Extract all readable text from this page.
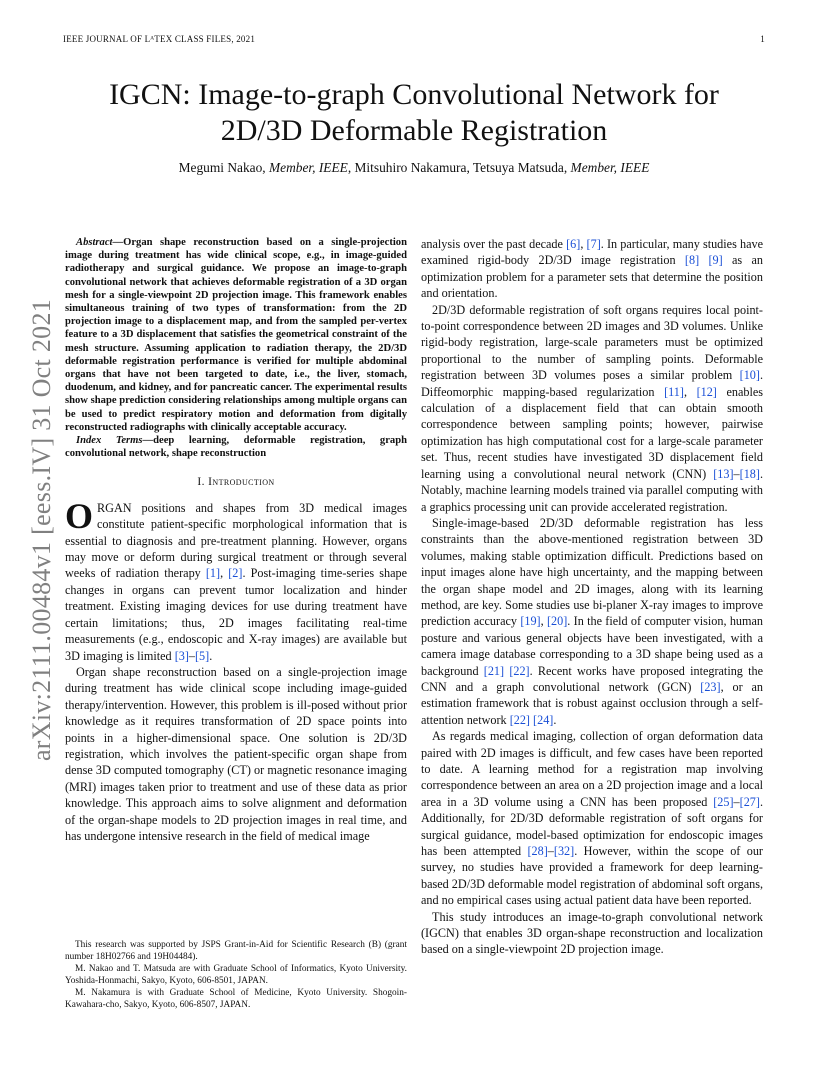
IEEE JOURNAL OF LᴬTEX CLASS FILES, 2021	1
arXiv:2111.00484v1 [eess.IV] 31 Oct 2021
IGCN: Image-to-graph Convolutional Network for
2D/3D Deformable Registration
Megumi Nakao, Member, IEEE, Mitsuhiro Nakamura, Tetsuya Matsuda, Member, IEEE

Abstract—Organ shape reconstruction based on a single-projection image during treatment has wide clinical scope, e.g., in image-guided radiotherapy and surgical guidance. We propose an image-to-graph convolutional network that achieves deformable registration of a 3D organ mesh for a single-viewpoint 2D projection image. This framework enables simultaneous training of two types of transformation: from the 2D projection image to a displacement map, and from the sampled per-vertex feature to a 3D displacement that satisfies the geometrical constraint of the mesh structure. Assuming application to radiation therapy, the 2D/3D deformable registration performance is verified for multiple abdominal organs that have not been targeted to date, i.e., the liver, stomach, duodenum, and kidney, and for pancreatic cancer. The experimental results show shape prediction considering relationships among multiple organs can be used to predict respiratory motion and deformation from digitally reconstructed radiographs with clinically acceptable accuracy.

Index Terms—deep learning, deformable registration, graph convolutional network, shape reconstruction

I. Introduction

ORGAN positions and shapes from 3D medical images constitute patient-specific morphological information that is essential to diagnosis and pre-treatment planning. However, organs may move or deform during surgical treatment or through several weeks of radiation therapy [1], [2]. Post-imaging time-series shape changes in organs can prevent tumor localization and hinder treatment. Existing imaging devices for use during treatment have certain limitations; thus, 2D images facilitating real-time measurements (e.g., endoscopic and X-ray images) are available but 3D imaging is limited [3]–[5].

Organ shape reconstruction based on a single-projection image during treatment has wide clinical scope including image-guided therapy/intervention. However, this problem is ill-posed without prior knowledge as it requires transformation of 2D space points into points in a higher-dimensional space. One solution is 2D/3D registration, which involves the patient-specific organ shape from dense 3D computed tomography (CT) or magnetic resonance imaging (MRI) images taken prior to treatment and use of these data as prior knowledge. This approach aims to solve alignment and deformation of the organ-shape models to 2D projection images in real time, and has undergone intensive research in the field of medical image

This research was supported by JSPS Grant-in-Aid for Scientific Research (B) (grant number 18H02766 and 19H04484).

M. Nakao and T. Matsuda are with Graduate School of Informatics, Kyoto University. Yoshida-Honmachi, Sakyo, Kyoto, 606-8501, JAPAN.

M. Nakamura is with Graduate School of Medicine, Kyoto University. Shogoin-Kawahara-cho, Sakyo, Kyoto, 606-8507, JAPAN.

analysis over the past decade [6], [7]. In particular, many studies have examined rigid-body 2D/3D image registration [8] [9] as an optimization problem for a parameter sets that determine the position and orientation.

2D/3D deformable registration of soft organs requires local point-to-point correspondence between 2D images and 3D volumes. Unlike rigid-body registration, large-scale parameters must be optimized proportional to the number of sampling points. Deformable registration between 3D volumes poses a similar problem [10]. Diffeomorphic mapping-based regularization [11], [12] enables calculation of a displacement field that can obtain smooth correspondence between sampling points; however, pairwise optimization has high computational cost for a large-scale parameter set. Thus, recent studies have investigated 3D displacement field learning using a convolutional neural network (CNN) [13]–[18]. Notably, machine learning models trained via parallel computing with a graphics processing unit can provide accelerated registration.

Single-image-based 2D/3D deformable registration has less constraints than the above-mentioned registration between 3D volumes, making stable optimization difficult. Predictions based on input images alone have high uncertainty, and the mapping between the organ shape model and 2D images, along with its learning method, are key. Some studies use bi-planer X-ray images to improve prediction accuracy [19], [20]. In the field of computer vision, human posture and various general objects have been investigated, with a camera image database corresponding to a 3D shape being used as a background [21] [22]. Recent works have proposed integrating the CNN and a graph convolutional network (GCN) [23], or an estimation framework that is robust against occlusion through a self-attention network [22] [24].

As regards medical imaging, collection of organ deformation data paired with 2D images is difficult, and few cases have been reported to date. A learning method for a registration map involving correspondence between an area on a 2D projection image and a local area in a 3D volume using a CNN has been proposed [25]–[27]. Additionally, for 2D/3D deformable registration of soft organs for surgical guidance, model-based optimization for endoscopic images has been attempted [28]–[32]. However, within the scope of our survey, no studies have provided a framework for deep learning-based 2D/3D deformable model registration of abdominal soft organs, and no empirical cases using actual patient data have been reported.

This study introduces an image-to-graph convolutional network (IGCN) that enables 3D organ-shape reconstruction and localization based on a single-viewpoint 2D projection image.
